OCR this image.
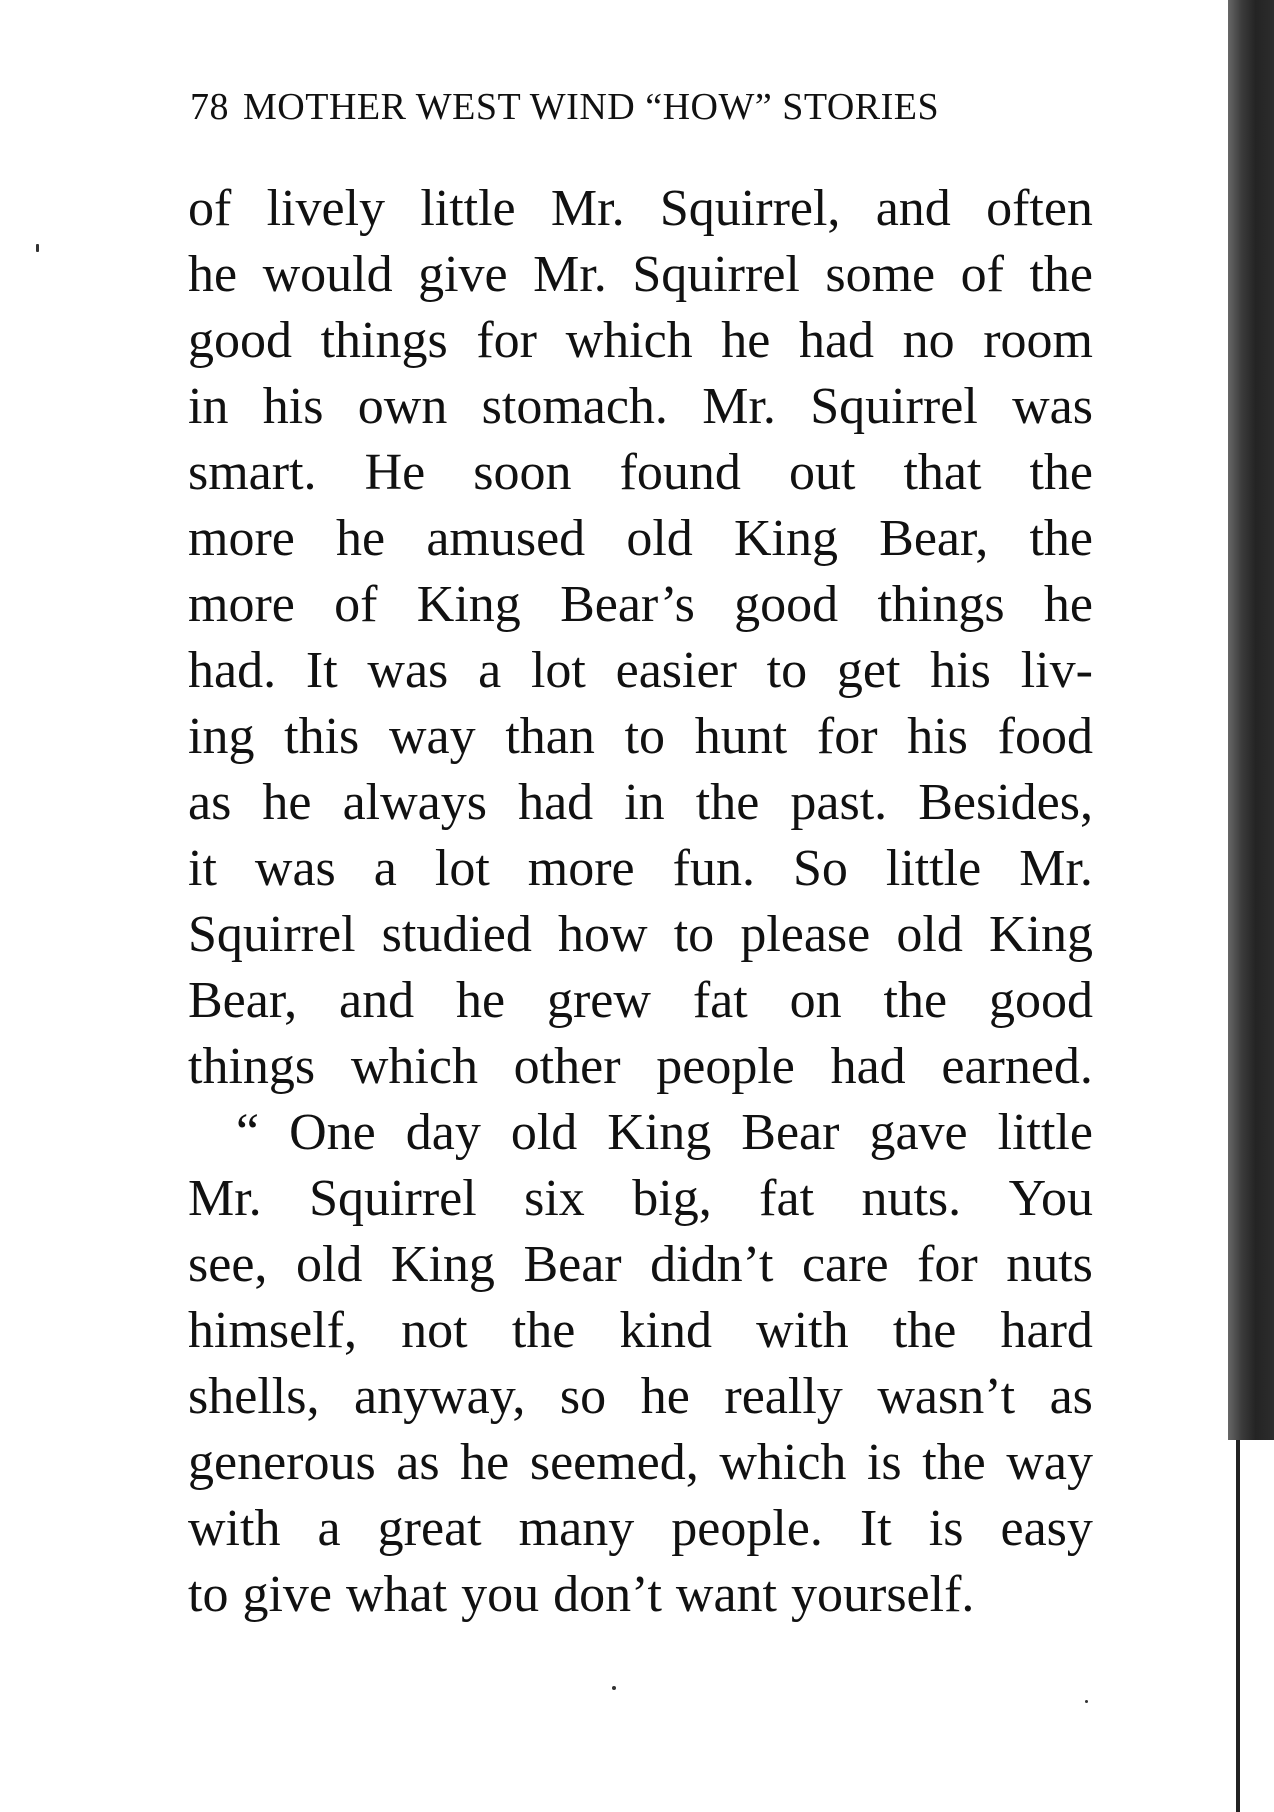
78 MOTHER WEST WIND “HOW” STORIES
of lively little Mr. Squirrel, and often
he would give Mr. Squirrel some of the
good things for which he had no room
in his own stomach. Mr. Squirrel was
smart. He soon found out that the
more he amused old King Bear, the
more of King Bear’s good things he
had. It was a lot easier to get his liv-
ing this way than to hunt for his food
as he always had in the past. Besides,
it was a lot more fun. So little Mr.
Squirrel studied how to please old King
Bear, and he grew fat on the good
things which other people had earned.
“ One day old King Bear gave little
Mr. Squirrel six big, fat nuts. You
see, old King Bear didn’t care for nuts
himself, not the kind with the hard
shells, anyway, so he really wasn’t as
generous as he seemed, which is the way
with a great many people. It is easy
to give what you don’t want yourself.
